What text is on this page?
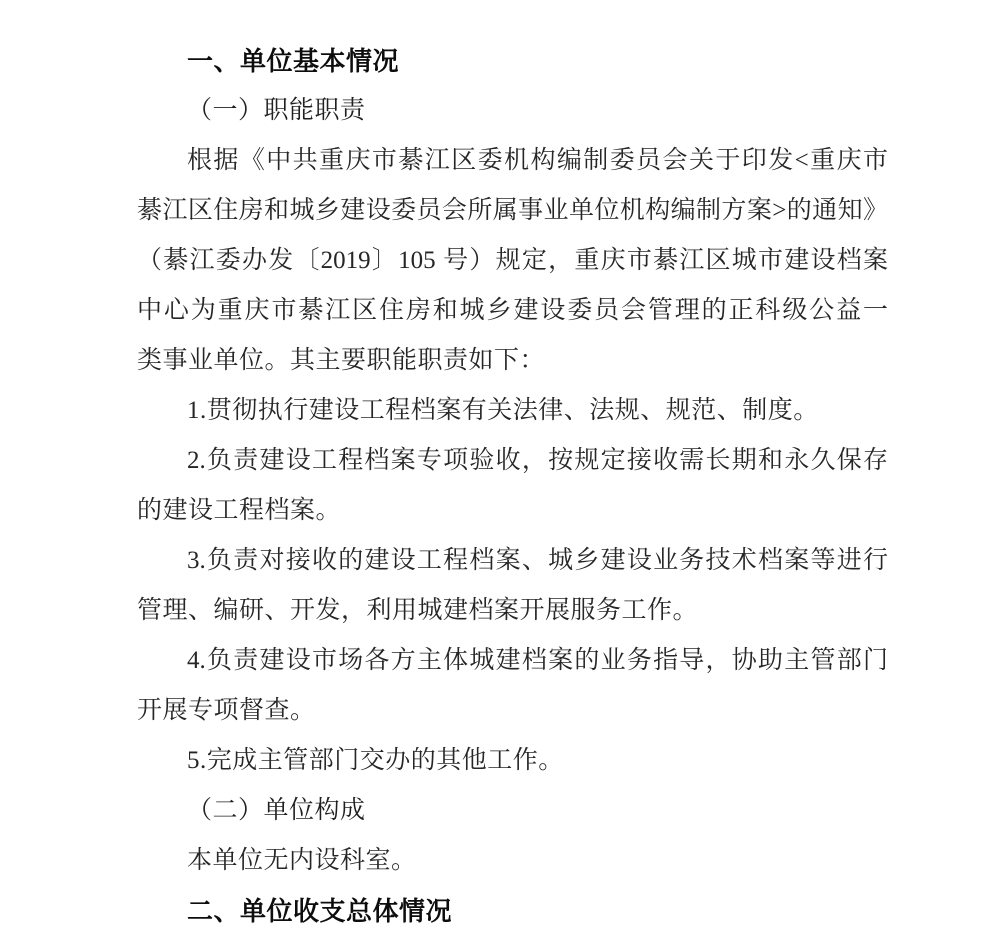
一、单位基本情况
（一）职能职责
根据《中共重庆市綦江区委机构编制委员会关于印发<重庆市
綦江区住房和城乡建设委员会所属事业单位机构编制方案>的通知》
（綦江委办发〔2019〕105 号）规定，重庆市綦江区城市建设档案
中心为重庆市綦江区住房和城乡建设委员会管理的正科级公益一
类事业单位。其主要职能职责如下：
1.贯彻执行建设工程档案有关法律、法规、规范、制度。
2.负责建设工程档案专项验收，按规定接收需长期和永久保存
的建设工程档案。
3.负责对接收的建设工程档案、城乡建设业务技术档案等进行
管理、编研、开发，利用城建档案开展服务工作。
4.负责建设市场各方主体城建档案的业务指导，协助主管部门
开展专项督查。
5.完成主管部门交办的其他工作。
（二）单位构成
本单位无内设科室。
二、单位收支总体情况
